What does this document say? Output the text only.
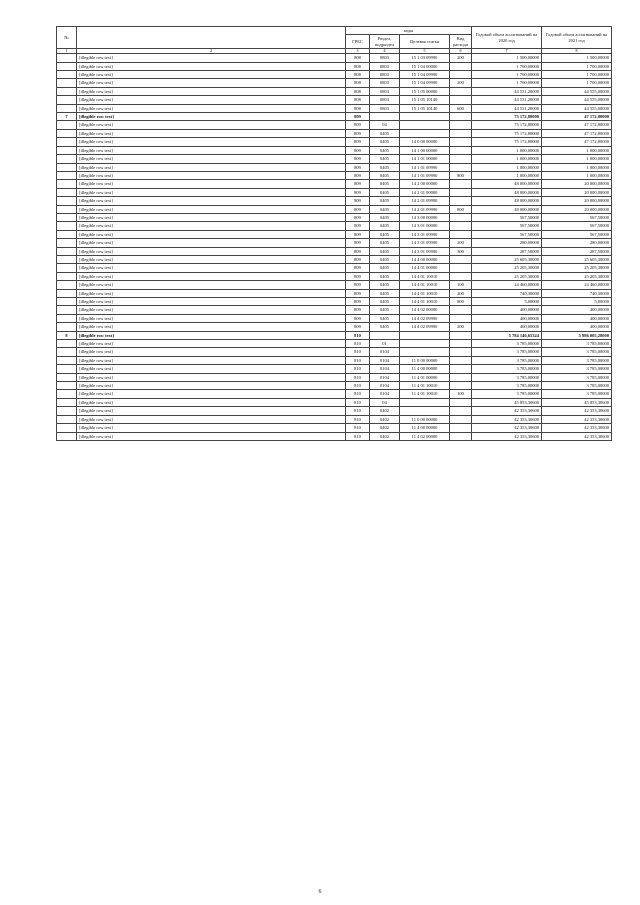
№		коды				Годовой объем ассигнований на 2020 год	Годовой объем ассигнований на 2021 год
		ГРБС	Раздел, подраздел	Целевая статья	Вид расхода		
1	2	3	4	5	6	7	8
	[illegible row text]	808	0803	15 1 03 09990	200	1 500,00000	1 500,00000
	[illegible row text]	808	0803	15 1 04 00000		1 700,00000	1 700,00000
	[illegible row text]	808	0803	15 1 04 09990		1 700,00000	1 700,00000
	[illegible row text]	808	0803	15 1 04 09990	200	1 700,00000	1 700,00000
	[illegible row text]	808	0803	15 1 05 00000		44 531,20000	44 555,00000
	[illegible row text]	808	0803	15 1 05 10140		44 531,20000	44 555,00000
	[illegible row text]	808	0803	15 1 05 10140	600	44 531,20000	44 555,00000
7	[illegible row text]	809				75 172,80000	47 172,80000
	[illegible row text]	809	04			75 172,80000	47 172,80000
	[illegible row text]	809	0405			75 172,80000	47 172,80000
	[illegible row text]	809	0405	14 0 00 00000		75 172,80000	47 172,80000
	[illegible row text]	809	0405	14 1 00 00000		1 000,00000	1 000,00000
	[illegible row text]	809	0405	14 1 01 00000		1 000,00000	1 000,00000
	[illegible row text]	809	0405	14 1 01 09990		1 000,00000	1 000,00000
	[illegible row text]	809	0405	14 1 01 09990	800	1 000,00000	1 000,00000
	[illegible row text]	809	0405	14 2 00 00000		48 000,00000	20 000,00000
	[illegible row text]	809	0405	14 2 01 00000		48 000,00000	20 000,00000
	[illegible row text]	809	0405	14 2 01 09990		48 000,00000	20 000,00000
	[illegible row text]	809	0405	14 2 01 09990	800	48 000,00000	20 000,00000
	[illegible row text]	809	0405	14 3 00 00000		567,50000	567,50000
	[illegible row text]	809	0405	14 3 01 00000		567,50000	567,50000
	[illegible row text]	809	0405	14 3 01 09990		567,50000	567,50000
	[illegible row text]	809	0405	14 3 01 09990	200	280,00000	280,00000
	[illegible row text]	809	0405	14 3 01 09990	300	287,50000	287,50000
	[illegible row text]	809	0405	14 4 00 00000		25 605,30000	25 605,30000
	[illegible row text]	809	0405	14 4 01 00000		25 205,30000	25 205,30000
	[illegible row text]	809	0405	14 4 01 10010		25 205,30000	25 205,30000
	[illegible row text]	809	0405	14 4 01 10010	100	24 460,00000	24 460,00000
	[illegible row text]	809	0405	14 4 01 10010	200	740,30000	740,30000
	[illegible row text]	809	0405	14 4 01 10010	800	5,00000	5,00000
	[illegible row text]	809	0405	14 4 02 00000		400,00000	400,00000
	[illegible row text]	809	0405	14 4 02 09990		400,00000	400,00000
	[illegible row text]	809	0405	14 4 02 09990	200	400,00000	400,00000
8	[illegible row text]	810				5 784 146,65324	5 986 005,28000
	[illegible row text]	810	01			3 785,00000	3 785,00000
	[illegible row text]	810	0104			3 785,00000	3 785,00000
	[illegible row text]	810	0104	11 0 00 00000		3 785,00000	3 785,00000
	[illegible row text]	810	0104	11 4 00 00000		3 785,00000	3 785,00000
	[illegible row text]	810	0104	11 4 01 00000		3 785,00000	3 785,00000
	[illegible row text]	810	0104	11 4 01 10010		3 785,00000	3 785,00000
	[illegible row text]	810	0104	11 4 01 10010	100	3 785,00000	3 785,00000
	[illegible row text]	810	04			45 853,30600	45 853,30600
	[illegible row text]	810	0402			42 353,30600	42 353,30600
	[illegible row text]	810	0402	11 0 00 00000		42 353,30600	42 353,30600
	[illegible row text]	810	0402	11 4 00 00000		42 353,30600	42 353,30600
	[illegible row text]	810	0402	11 4 02 00000		42 353,30600	42 353,30600
6
